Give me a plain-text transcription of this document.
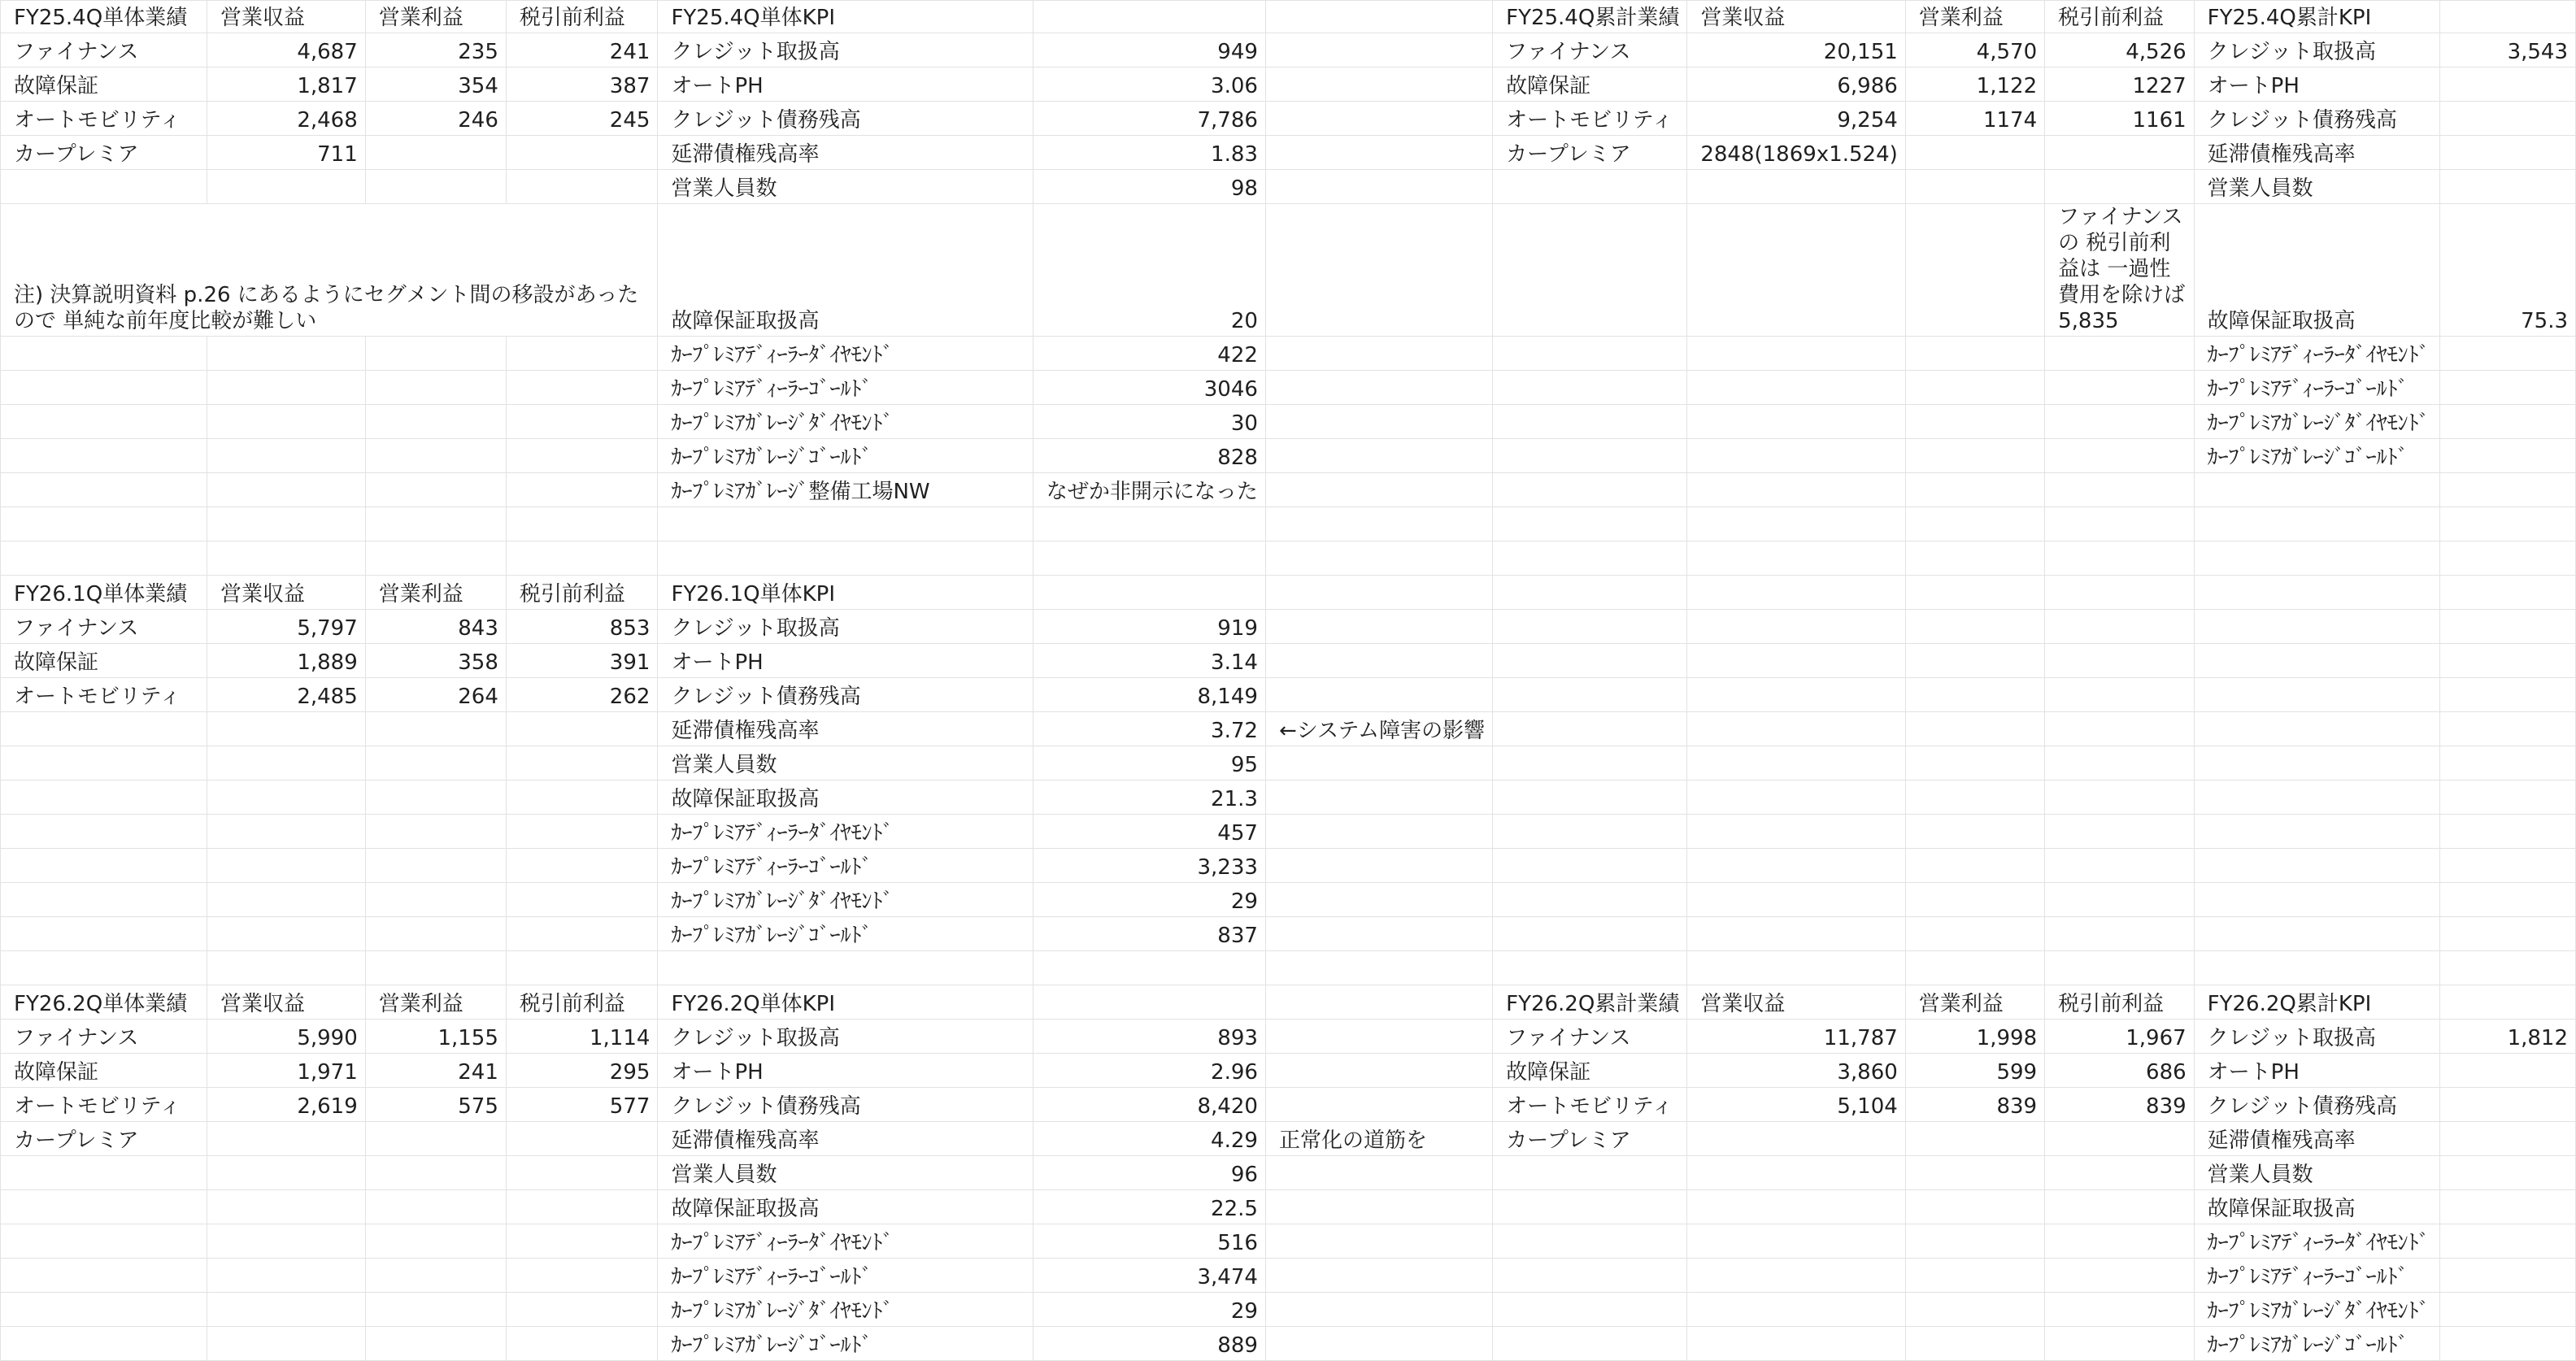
FY25.4Q単体業績	営業収益	営業利益	税引前利益	FY25.4Q単体KPI			FY25.4Q累計業績	営業収益	営業利益	税引前利益	FY25.4Q累計KPI	
ファイナンス	4,687	235	241	クレジット取扱高	949		ファイナンス	20,151	4,570	4,526	クレジット取扱高	3,543
故障保証	1,817	354	387	オートPH	3.06		故障保証	6,986	1,122	1227	オートPH	
オートモビリティ	2,468	246	245	クレジット債務残高	7,786		オートモビリティ	9,254	1174	1161	クレジット債務残高	
カープレミア	711			延滞債権残高率	1.83		カープレミア	2848(1869x1.524)			延滞債権残高率	
				営業人員数	98						営業人員数	
注) 決算説明資料 p.26 にあるようにセグメント間の移設があったので 単純な前年度比較が難しい				故障保証取扱高	20					ファイナンスの 税引前利益は 一過性費用を除けば 5,835	故障保証取扱高	75.3
				ｶｰﾌﾟﾚﾐｱﾃﾞｨｰﾗｰﾀﾞｲﾔﾓﾝﾄﾞ	422						ｶｰﾌﾟﾚﾐｱﾃﾞｨｰﾗｰﾀﾞｲﾔﾓﾝﾄﾞ	
				ｶｰﾌﾟﾚﾐｱﾃﾞｨｰﾗｰｺﾞｰﾙﾄﾞ	3046						ｶｰﾌﾟﾚﾐｱﾃﾞｨｰﾗｰｺﾞｰﾙﾄﾞ	
				ｶｰﾌﾟﾚﾐｱｶﾞﾚｰｼﾞﾀﾞｲﾔﾓﾝﾄﾞ	30						ｶｰﾌﾟﾚﾐｱｶﾞﾚｰｼﾞﾀﾞｲﾔﾓﾝﾄﾞ	
				ｶｰﾌﾟﾚﾐｱｶﾞﾚｰｼﾞｺﾞｰﾙﾄﾞ	828						ｶｰﾌﾟﾚﾐｱｶﾞﾚｰｼﾞｺﾞｰﾙﾄﾞ	
				ｶｰﾌﾟﾚﾐｱｶﾞﾚｰｼﾞ整備工場NW	なぜか非開示になった							

FY26.1Q単体業績	営業収益	営業利益	税引前利益	FY26.1Q単体KPI								
ファイナンス	5,797	843	853	クレジット取扱高	919							
故障保証	1,889	358	391	オートPH	3.14							
オートモビリティ	2,485	264	262	クレジット債務残高	8,149							
				延滞債権残高率	3.72	←システム障害の影響						
				営業人員数	95							
				故障保証取扱高	21.3							
				ｶｰﾌﾟﾚﾐｱﾃﾞｨｰﾗｰﾀﾞｲﾔﾓﾝﾄﾞ	457							
				ｶｰﾌﾟﾚﾐｱﾃﾞｨｰﾗｰｺﾞｰﾙﾄﾞ	3,233							
				ｶｰﾌﾟﾚﾐｱｶﾞﾚｰｼﾞﾀﾞｲﾔﾓﾝﾄﾞ	29							
				ｶｰﾌﾟﾚﾐｱｶﾞﾚｰｼﾞｺﾞｰﾙﾄﾞ	837							

FY26.2Q単体業績	営業収益	営業利益	税引前利益	FY26.2Q単体KPI			FY26.2Q累計業績	営業収益	営業利益	税引前利益	FY26.2Q累計KPI	
ファイナンス	5,990	1,155	1,114	クレジット取扱高	893		ファイナンス	11,787	1,998	1,967	クレジット取扱高	1,812
故障保証	1,971	241	295	オートPH	2.96		故障保証	3,860	599	686	オートPH	
オートモビリティ	2,619	575	577	クレジット債務残高	8,420		オートモビリティ	5,104	839	839	クレジット債務残高	
カープレミア				延滞債権残高率	4.29	正常化の道筋を	カープレミア				延滞債権残高率	
				営業人員数	96						営業人員数	
				故障保証取扱高	22.5						故障保証取扱高	
				ｶｰﾌﾟﾚﾐｱﾃﾞｨｰﾗｰﾀﾞｲﾔﾓﾝﾄﾞ	516						ｶｰﾌﾟﾚﾐｱﾃﾞｨｰﾗｰﾀﾞｲﾔﾓﾝﾄﾞ	
				ｶｰﾌﾟﾚﾐｱﾃﾞｨｰﾗｰｺﾞｰﾙﾄﾞ	3,474						ｶｰﾌﾟﾚﾐｱﾃﾞｨｰﾗｰｺﾞｰﾙﾄﾞ	
				ｶｰﾌﾟﾚﾐｱｶﾞﾚｰｼﾞﾀﾞｲﾔﾓﾝﾄﾞ	29						ｶｰﾌﾟﾚﾐｱｶﾞﾚｰｼﾞﾀﾞｲﾔﾓﾝﾄﾞ	
				ｶｰﾌﾟﾚﾐｱｶﾞﾚｰｼﾞｺﾞｰﾙﾄﾞ	889						ｶｰﾌﾟﾚﾐｱｶﾞﾚｰｼﾞｺﾞｰﾙﾄﾞ	
